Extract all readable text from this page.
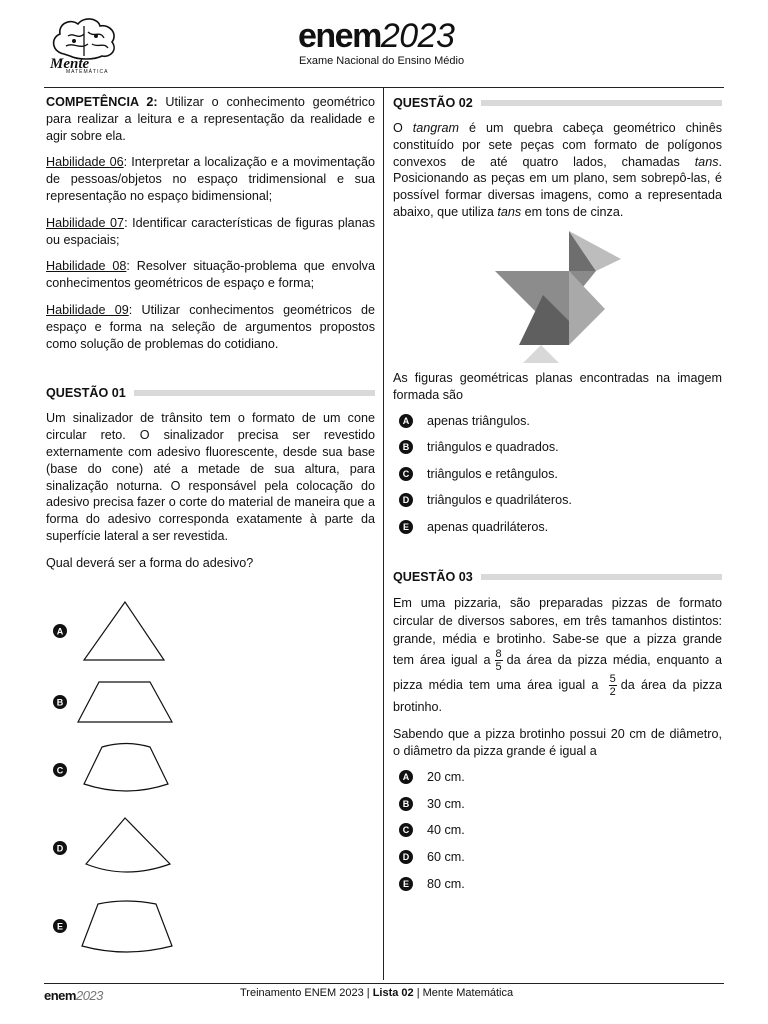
Mente
MATEMÁTICA
enem2023
Exame Nacional do Ensino Médio

COMPETÊNCIA 2: Utilizar o conhecimento geométrico para realizar a leitura e a representação da realidade e agir sobre ela.

Habilidade 06: Interpretar a localização e a movimentação de pessoas/objetos no espaço tridimensional e sua representação no espaço bidimensional;

Habilidade 07: Identificar características de figuras planas ou espaciais;

Habilidade 08: Resolver situação-problema que envolva conhecimentos geométricos de espaço e forma;

Habilidade 09: Utilizar conhecimentos geométricos de espaço e forma na seleção de argumentos propostos como solução de problemas do cotidiano.

QUESTÃO 01

Um sinalizador de trânsito tem o formato de um cone circular reto. O sinalizador precisa ser revestido externamente com adesivo fluorescente, desde sua base (base do cone) até a metade de sua altura, para sinalização noturna. O responsável pela colocação do adesivo precisa fazer o corte do material de maneira que a forma do adesivo corresponda exatamente à parte da superfície lateral a ser revestida.

Qual deverá ser a forma do adesivo?

A
B
C
D
E
QUESTÃO 02

O tangram é um quebra cabeça geométrico chinês constituído por sete peças com formato de polígonos convexos de até quatro lados, chamadas tans. Posicionando as peças em um plano, sem sobrepô-las, é possível formar diversas imagens, como a representada abaixo, que utiliza tans em tons de cinza.

As figuras geométricas planas encontradas na imagem formada são

A apenas triângulos.
B triângulos e quadrados.
C triângulos e retângulos.
D triângulos e quadriláteros.
E	apenas quadriláteros.
QUESTÃO 03

Em uma pizzaria, são preparadas pizzas de formato circular de diversos sabores, em três tamanhos distintos: grande, média e brotinho. Sabe-se que a pizza grande tem área igual a $\frac{8}{5}$ da área da pizza média, enquanto a pizza média tem uma área igual a $\frac{5}{2}$ da área da pizza brotinho.

Sabendo que a pizza brotinho possui 20 cm de diâmetro, o diâmetro da pizza grande é igual a

A 20 cm.
B 30 cm.
C 40 cm.
D 60 cm.
E	80 cm.
enem2023	Treinamento ENEM 2023 | Lista 02 | Mente Matemática
